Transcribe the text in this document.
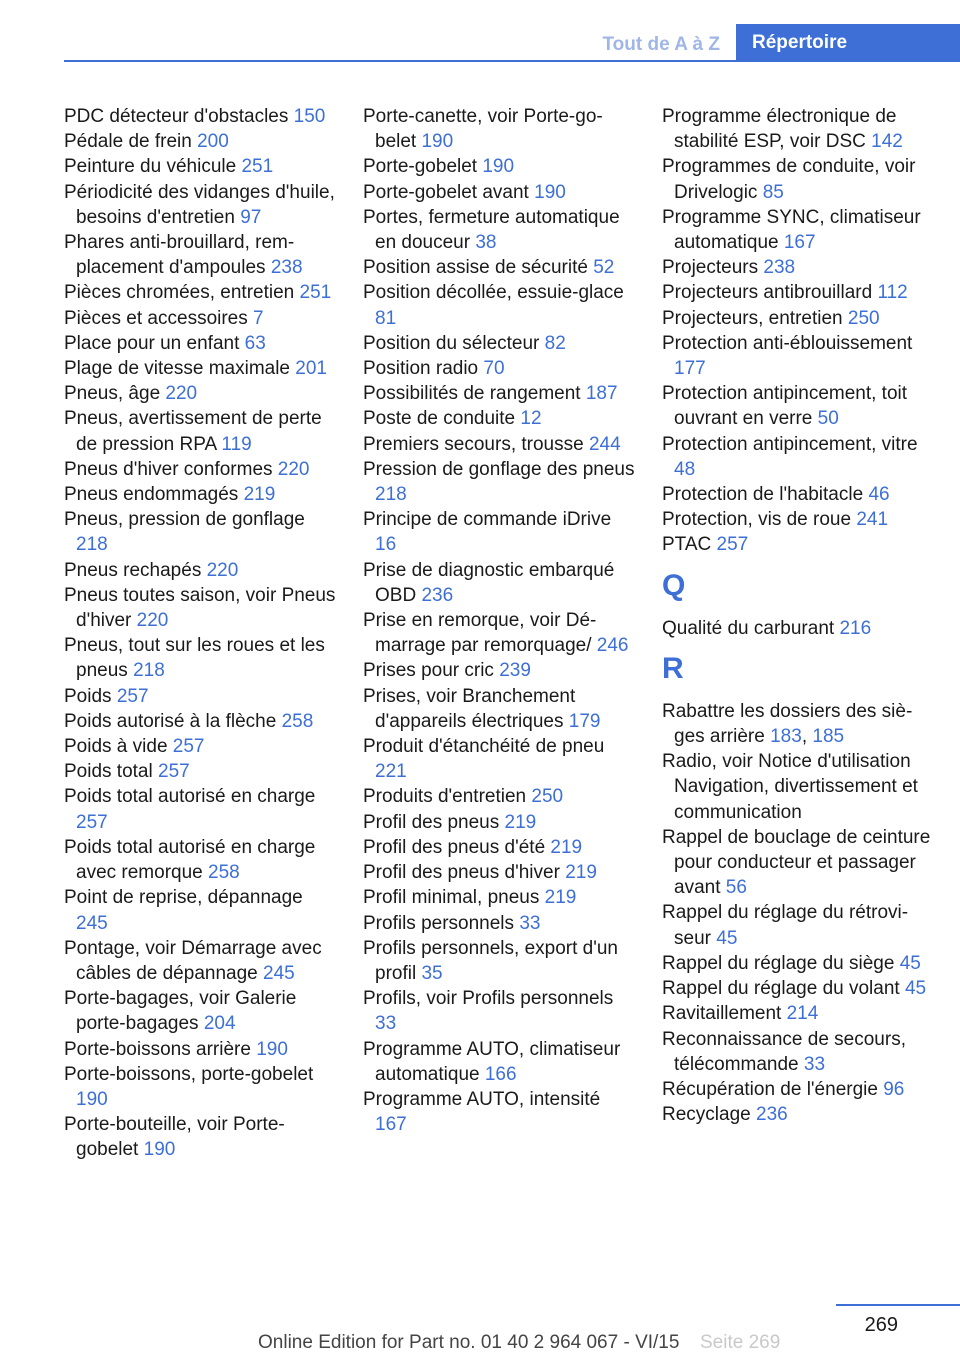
Tout de A à Z	Répertoire
PDC détecteur d'obstacles 150
Pédale de frein 200
Peinture du véhicule 251
Périodicité des vidanges d'huile, besoins d'entretien 97
Phares anti-brouillard, remplacement d'ampoules 238
Pièces chromées, entretien 251
Pièces et accessoires 7
Place pour un enfant 63
Plage de vitesse maximale 201
Pneus, âge 220
Pneus, avertissement de perte de pression RPA 119
Pneus d'hiver conformes 220
Pneus endommagés 219
Pneus, pression de gonflage 218
Pneus rechapés 220
Pneus toutes saison, voir Pneus d'hiver 220
Pneus, tout sur les roues et les pneus 218
Poids 257
Poids autorisé à la flèche 258
Poids à vide 257
Poids total 257
Poids total autorisé en charge 257
Poids total autorisé en charge avec remorque 258
Point de reprise, dépannage 245
Pontage, voir Démarrage avec câbles de dépannage 245
Porte-bagages, voir Galerie porte-bagages 204
Porte-boissons arrière 190
Porte-boissons, porte-gobelet 190
Porte-bouteille, voir Porte-gobelet 190
Porte-canette, voir Porte-gobelet 190
Porte-gobelet 190
Porte-gobelet avant 190
Portes, fermeture automatique en douceur 38
Position assise de sécurité 52
Position décollée, essuie-glace 81
Position du sélecteur 82
Position radio 70
Possibilités de rangement 187
Poste de conduite 12
Premiers secours, trousse 244
Pression de gonflage des pneus 218
Principe de commande iDrive 16
Prise de diagnostic embarqué OBD 236
Prise en remorque, voir Démarrage par remorquage/ 246
Prises pour cric 239
Prises, voir Branchement d'appareils électriques 179
Produit d'étanchéité de pneu 221
Produits d'entretien 250
Profil des pneus 219
Profil des pneus d'été 219
Profil des pneus d'hiver 219
Profil minimal, pneus 219
Profils personnels 33
Profils personnels, export d'un profil 35
Profils, voir Profils personnels 33
Programme AUTO, climatiseur automatique 166
Programme AUTO, intensité 167
Programme électronique de stabilité ESP, voir DSC 142
Programmes de conduite, voir Drivelogic 85
Programme SYNC, climatiseur automatique 167
Projecteurs 238
Projecteurs antibrouillard 112
Projecteurs, entretien 250
Protection anti-éblouissement 177
Protection antipincement, toit ouvrant en verre 50
Protection antipincement, vitre 48
Protection de l'habitacle 46
Protection, vis de roue 241
PTAC 257
Q
Qualité du carburant 216
R
Rabattre les dossiers des sièges arrière 183, 185
Radio, voir Notice d'utilisation Navigation, divertissement et communication
Rappel de bouclage de ceinture pour conducteur et passager avant 56
Rappel du réglage du rétroviseur 45
Rappel du réglage du siège 45
Rappel du réglage du volant 45
Ravitaillement 214
Reconnaissance de secours, télécommande 33
Récupération de l'énergie 96
Recyclage 236
269
Online Edition for Part no. 01 40 2 964 067 - VI/15 Seite 269
